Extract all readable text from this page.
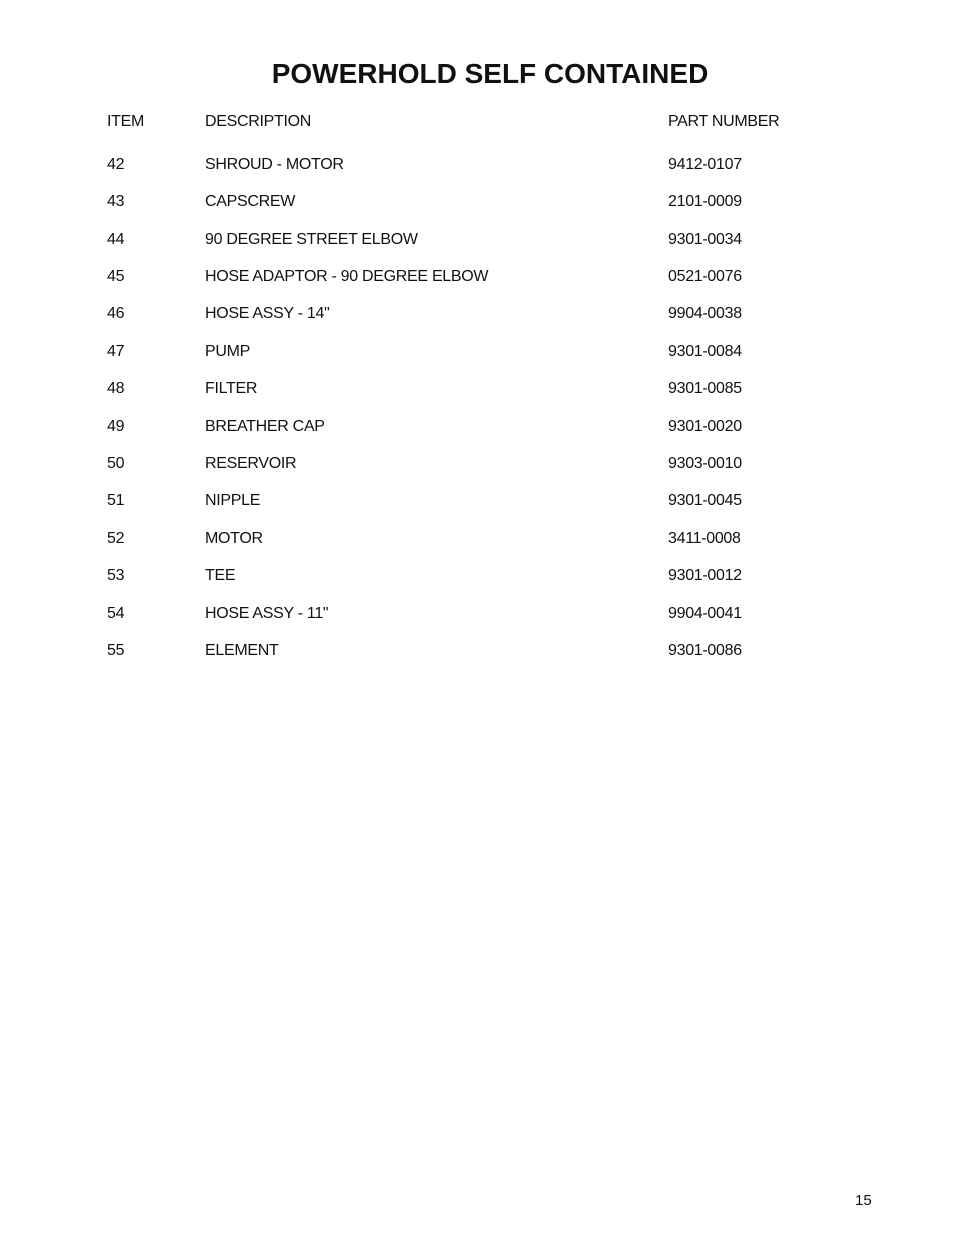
POWERHOLD SELF CONTAINED
ITEM	DESCRIPTION	PART NUMBER
42	SHROUD - MOTOR	9412-0107
43	CAPSCREW	2101-0009
44	90 DEGREE STREET ELBOW	9301-0034
45	HOSE ADAPTOR - 90 DEGREE ELBOW	0521-0076
46	HOSE ASSY - 14"	9904-0038
47	PUMP	9301-0084
48	FILTER	9301-0085
49	BREATHER CAP	9301-0020
50	RESERVOIR	9303-0010
51	NIPPLE	9301-0045
52	MOTOR	3411-0008
53	TEE	9301-0012
54	HOSE ASSY - 11"	9904-0041
55	ELEMENT	9301-0086
15
